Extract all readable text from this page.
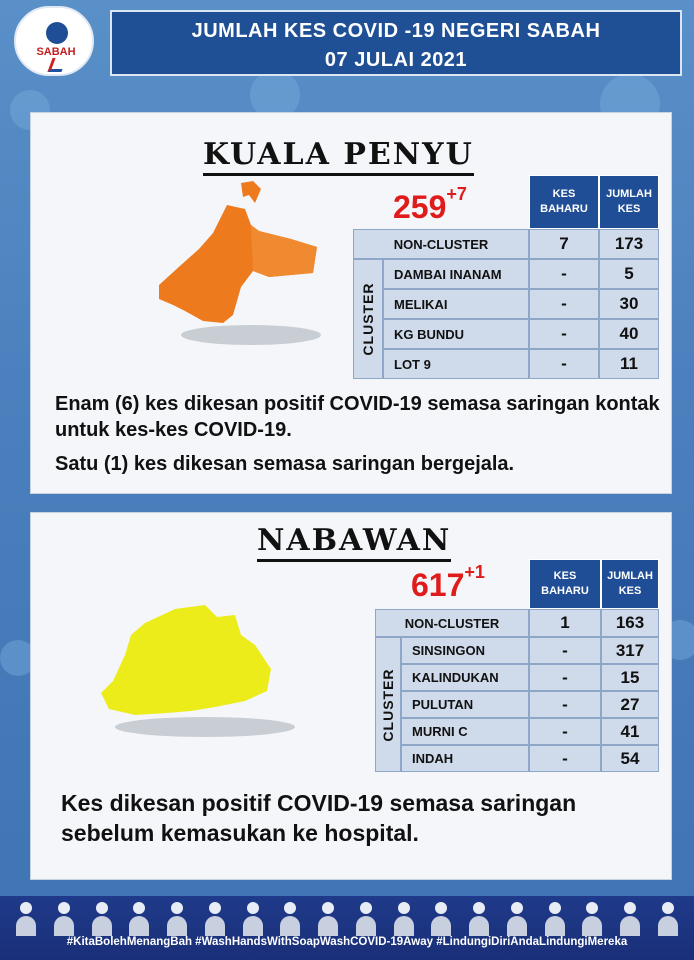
SABAH
JUMLAH KES COVID -19 NEGERI SABAH
07 JULAI 2021
KUALA PENYU
$259^{+7}$	KES
BAHARU
JUMLAH
KES
NON-CLUSTER	7	173
CLUSTER
DAMBAI INANAM	-	5
MELIKAI	-	30
KG BUNDU	-	40
LOT 9	-	11
Enam (6) kes dikesan positif COVID-19 semasa saringan kontak untuk kes-kes COVID-19.
Satu (1) kes dikesan semasa saringan bergejala.
NABAWAN
$617^{+1}$	KES
BAHARU
JUMLAH
KES
NON-CLUSTER	1	163
CLUSTER
SINSINGON	-	317
KALINDUKAN	-	15
PULUTAN	-	27
MURNI C	-	41
INDAH	-	54
Kes dikesan positif COVID-19 semasa saringan sebelum kemasukan ke hospital.
#KitaBolehMenangBah #WashHandsWithSoapWashCOVID-19Away #LindungiDiriAndaLindungiMereka
